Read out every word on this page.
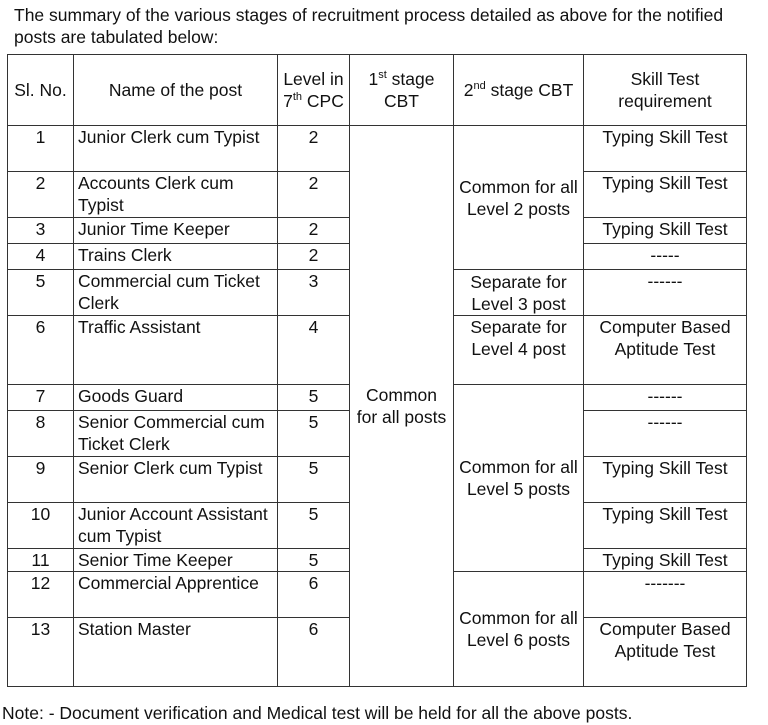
The summary of the various stages of recruitment process detailed as above for the notified posts are tabulated below:

Sl. No.	Name of the post	Level in 7th CPC	1st stage CBT	2nd stage CBT	Skill Test requirement
1	Junior Clerk cum Typist	2	Common for all posts	Common for all Level 2 posts	Typing Skill Test
2	Accounts Clerk cum Typist	2			Typing Skill Test
3	Junior Time Keeper	2			Typing Skill Test
4	Trains Clerk	2			-----
5	Commercial cum Ticket Clerk	3		Separate for Level 3 post	------
6	Traffic Assistant	4		Separate for Level 4 post	Computer Based Aptitude Test
7	Goods Guard	5		Common for all Level 5 posts	------
8	Senior Commercial cum Ticket Clerk	5			------
9	Senior Clerk cum Typist	5			Typing Skill Test
10	Junior Account Assistant cum Typist	5			Typing Skill Test
11	Senior Time Keeper	5			Typing Skill Test
12	Commercial Apprentice	6		Common for all Level 6 posts	-------
13	Station Master	6			Computer Based Aptitude Test

Note: - Document verification and Medical test will be held for all the above posts.
